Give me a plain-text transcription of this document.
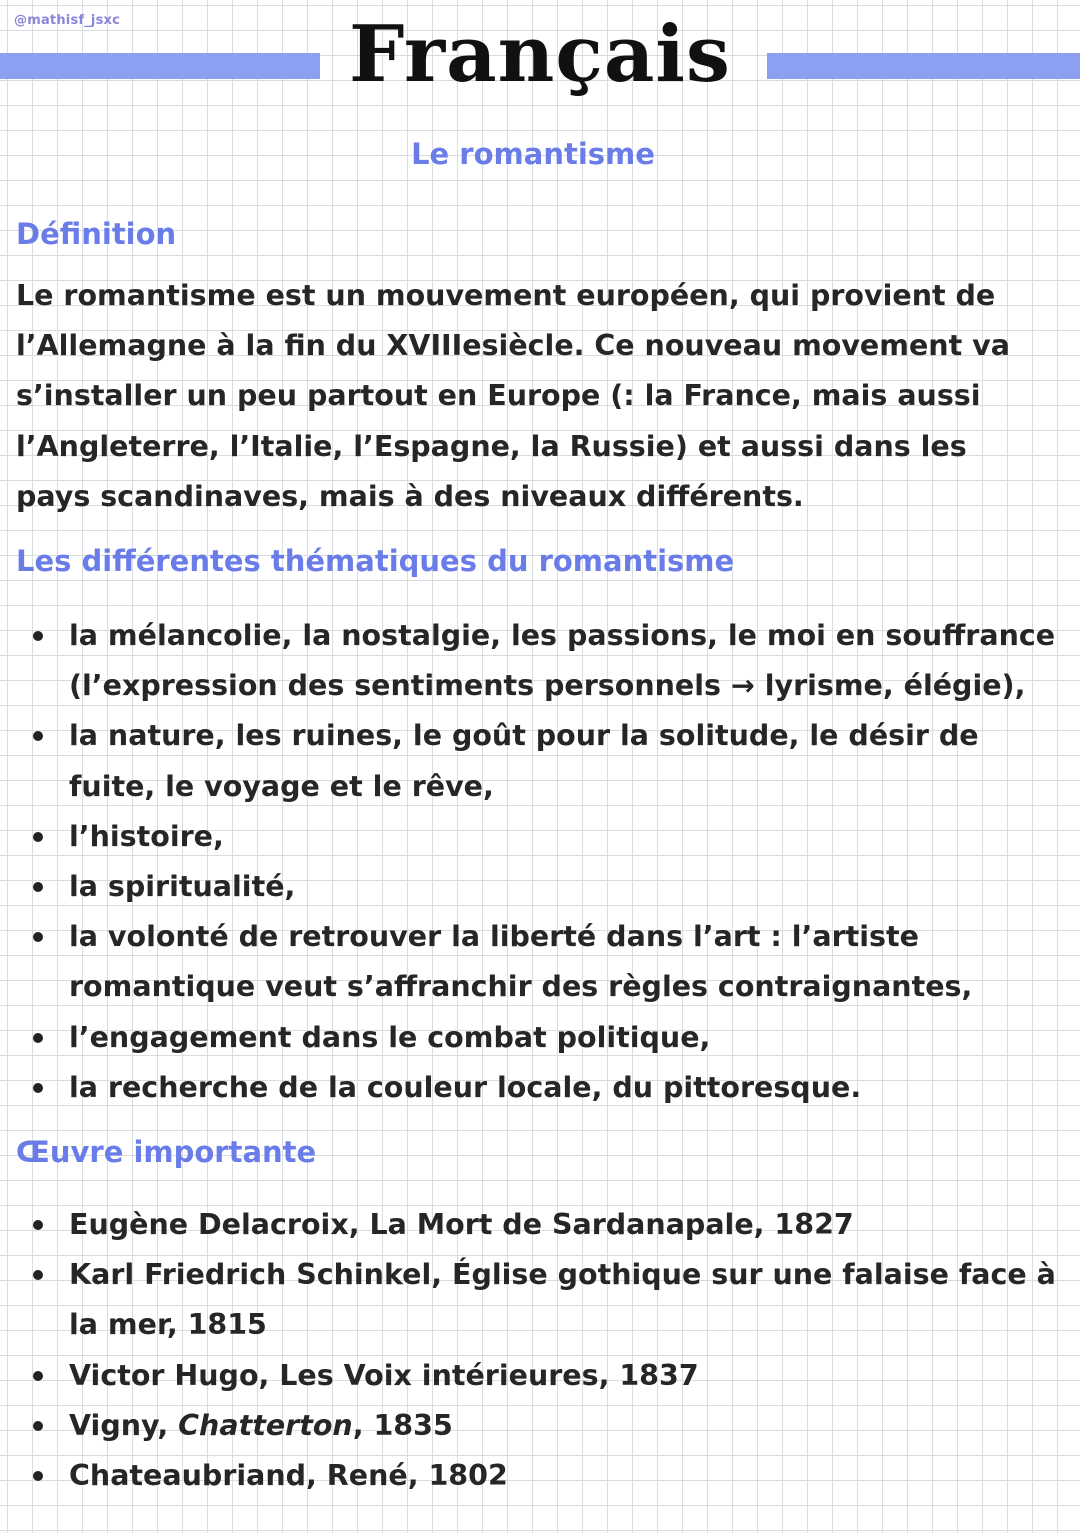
@mathisf_jsxc	Français
Le romantisme
Définition

Le romantisme est un mouvement européen, qui provient de l’Allemagne à la fin du XVIIIesiècle. Ce nouveau movement va s’installer un peu partout en Europe (: la France, mais aussi l’Angleterre, l’Italie, l’Espagne, la Russie) et aussi dans les pays scandinaves, mais à des niveaux différents.

Les différentes thématiques du romantisme
la mélancolie, la nostalgie, les passions, le moi en souffrance (l’expression des sentiments personnels → lyrisme, élégie),
la nature, les ruines, le goût pour la solitude, le désir de fuite, le voyage et le rêve,
l’histoire,
la spiritualité,
la volonté de retrouver la liberté dans l’art : l’artiste romantique veut s’affranchir des règles contraignantes,
l’engagement dans le combat politique,
la recherche de la couleur locale, du pittoresque.
Œuvre importante
Eugène Delacroix, La Mort de Sardanapale, 1827
Karl Friedrich Schinkel, Église gothique sur une falaise face à la mer, 1815
Victor Hugo, Les Voix intérieures, 1837
Vigny, Chatterton, 1835
Chateaubriand, René, 1802
